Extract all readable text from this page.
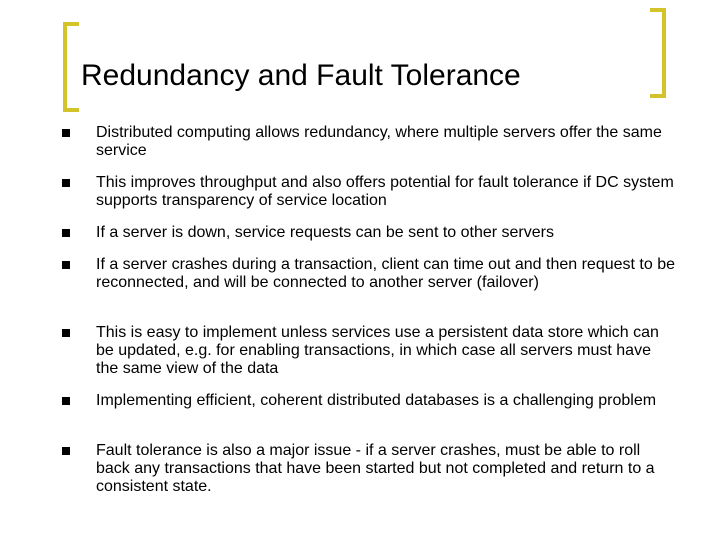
Redundancy and Fault Tolerance
Distributed computing allows redundancy, where multiple servers offer the same service
This improves throughput and also offers potential for fault tolerance if DC system supports transparency of service location
If a server is down, service requests can be sent to other servers
If a server crashes during a transaction, client can time out and then request to be reconnected, and will be connected to another server (failover)
This is easy to implement unless services use a persistent data store which can be updated, e.g. for enabling transactions, in which case all servers must have the same view of the data
Implementing efficient, coherent distributed databases is a challenging problem
Fault tolerance is also a major issue - if a server crashes, must be able to roll back any transactions that have been started but not completed and return to a consistent state.
